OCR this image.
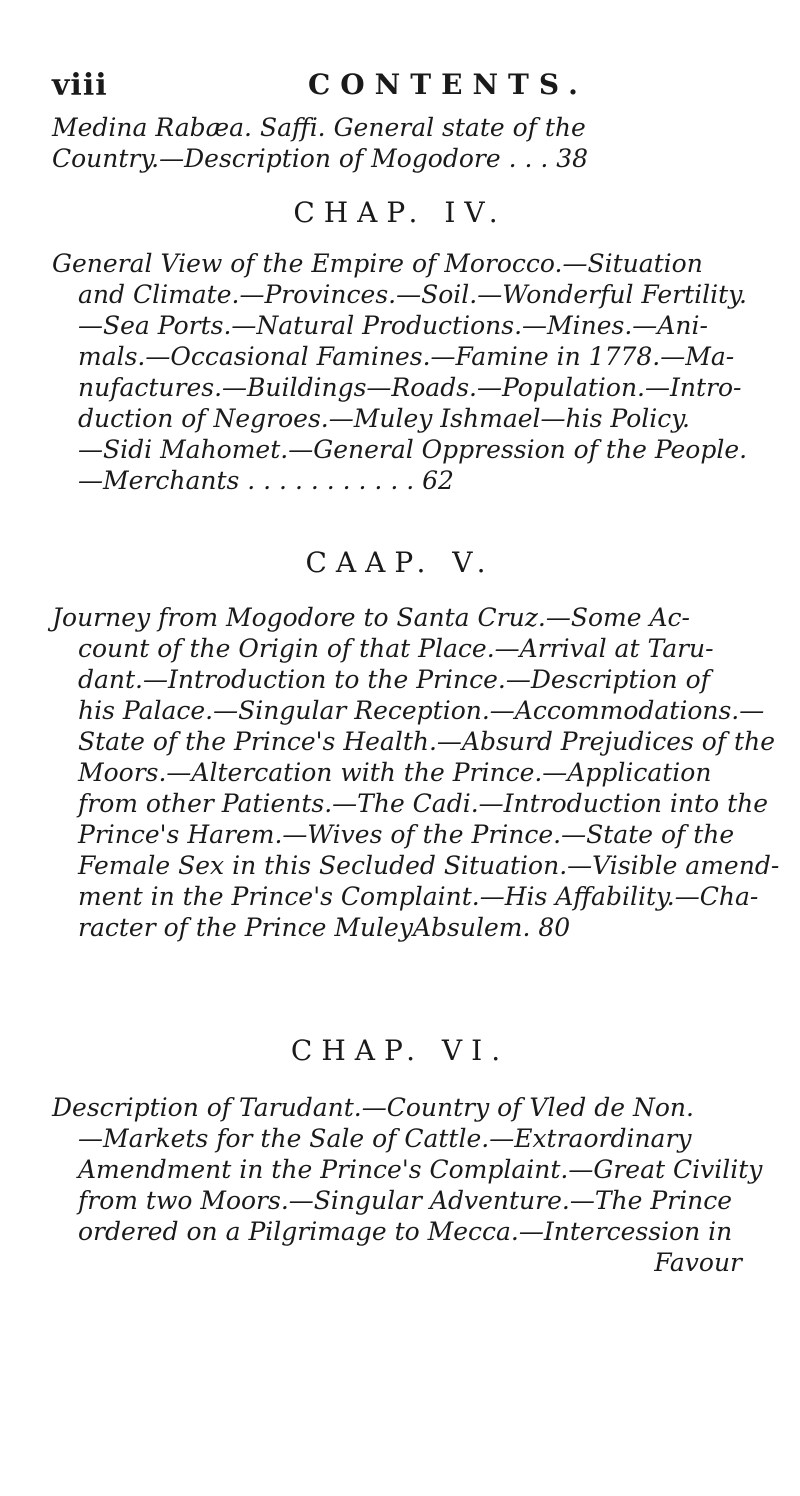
viii	CONTENTS.
Medina Rabæa. Saffi. General state of the
Country.—Description of Mogodore . . . 38
CHAP. IV.
General View of the Empire of Morocco.—Situation
and Climate.—Provinces.—Soil.—Wonderful Fertility.
—Sea Ports.—Natural Productions.—Mines.—Ani-
mals.—Occasional Famines.—Famine in 1778.—Ma-
nufactures.—Buildings—Roads.—Population.—Intro-
duction of Negroes.—Muley Ishmael—his Policy.
—Sidi Mahomet.—General Oppression of the People.
—Merchants . . . . . . . . . . . 62
CAAP. V.
Journey from Mogodore to Santa Cruz.—Some Ac-
count of the Origin of that Place.—Arrival at Taru-
dant.—Introduction to the Prince.—Description of
his Palace.—Singular Reception.—Accommodations.—
State of the Prince's Health.—Absurd Prejudices of the
Moors.—Altercation with the Prince.—Application
from other Patients.—The Cadi.—Introduction into the
Prince's Harem.—Wives of the Prince.—State of the
Female Sex in this Secluded Situation.—Visible amend-
ment in the Prince's Complaint.—His Affability.—Cha-
racter of the Prince MuleyAbsulem. 80
CHAP. VI.
Description of Tarudant.—Country of Vled de Non.
—Markets for the Sale of Cattle.—Extraordinary
Amendment in the Prince's Complaint.—Great Civility
from two Moors.—Singular Adventure.—The Prince
ordered on a Pilgrimage to Mecca.—Intercession in
Favour
